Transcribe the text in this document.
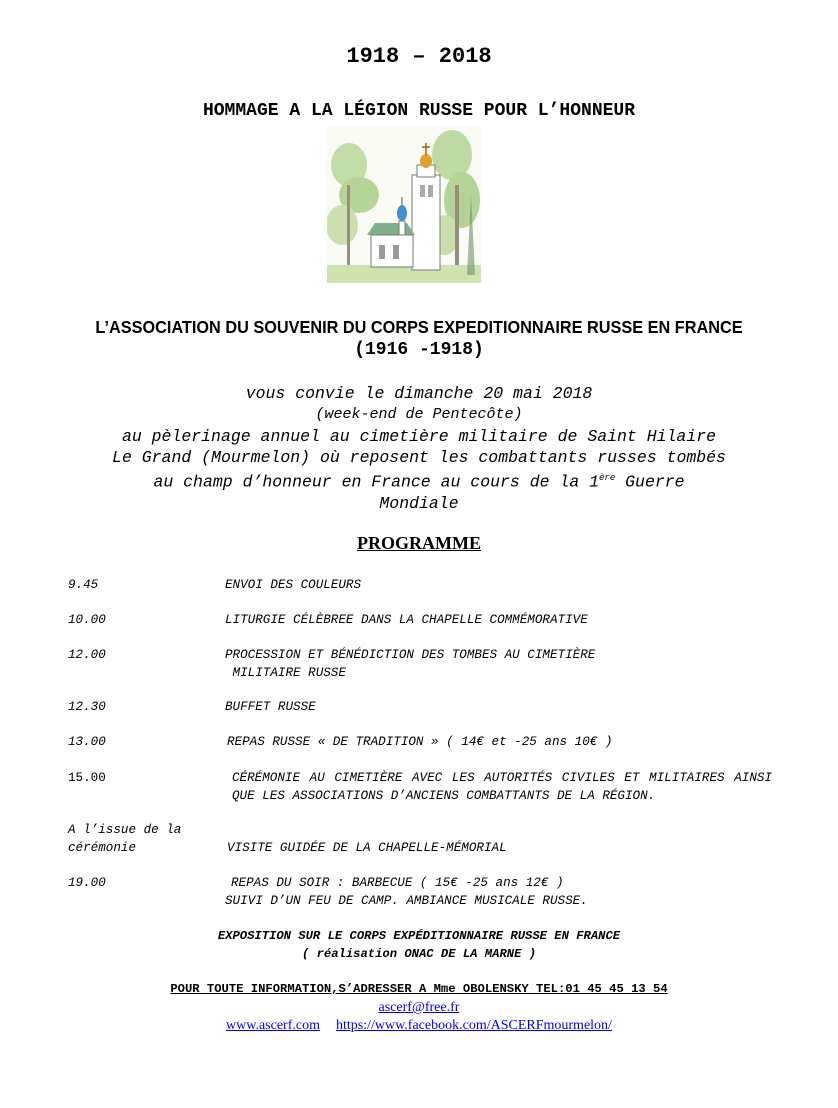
1918 – 2018
HOMMAGE A LA LÉGION RUSSE POUR L’HONNEUR
L’ASSOCIATION DU SOUVENIR DU CORPS EXPEDITIONNAIRE RUSSE EN FRANCE
(1916 -1918)
vous convie le dimanche 20 mai 2018
(week-end de Pentecôte)
au pèlerinage annuel au cimetière militaire de Saint Hilaire
Le Grand (Mourmelon) où reposent les combattants russes tombés
au champ d’honneur en France au cours de la 1ère Guerre
Mondiale
PROGRAMME
9.45	ENVOI DES COULEURS
10.00	LITURGIE CÉLÈBREE DANS LA CHAPELLE COMMÉMORATIVE
12.00	PROCESSION ET BÉNÉDICTION DES TOMBES AU CIMETIÈRE
MILITAIRE RUSSE
12.30	BUFFET RUSSE
13.00	REPAS RUSSE « DE TRADITION » ( 14€ et -25 ans 10€ )
15.00	CÉRÉMONIE AU CIMETIÈRE AVEC LES AUTORITÉS CIVILES ET MILITAIRES AINSI QUE LES ASSOCIATIONS D’ANCIENS COMBATTANTS DE LA RÉGION.
A l’issue de la
cérémonie	VISITE GUIDÉE DE LA CHAPELLE-MÉMORIAL
19.00	REPAS DU SOIR : BARBECUE ( 15€ -25 ans 12€ )
SUIVI D’UN FEU DE CAMP. AMBIANCE MUSICALE RUSSE.
EXPOSITION SUR LE CORPS EXPÉDITIONNAIRE RUSSE EN FRANCE
( réalisation ONAC DE LA MARNE )
POUR TOUTE INFORMATION,S’ADRESSER A Mme OBOLENSKY TEL:01 45 45 13 54
ascerf@free.fr
www.ascerf.com https://www.facebook.com/ASCERFmourmelon/
